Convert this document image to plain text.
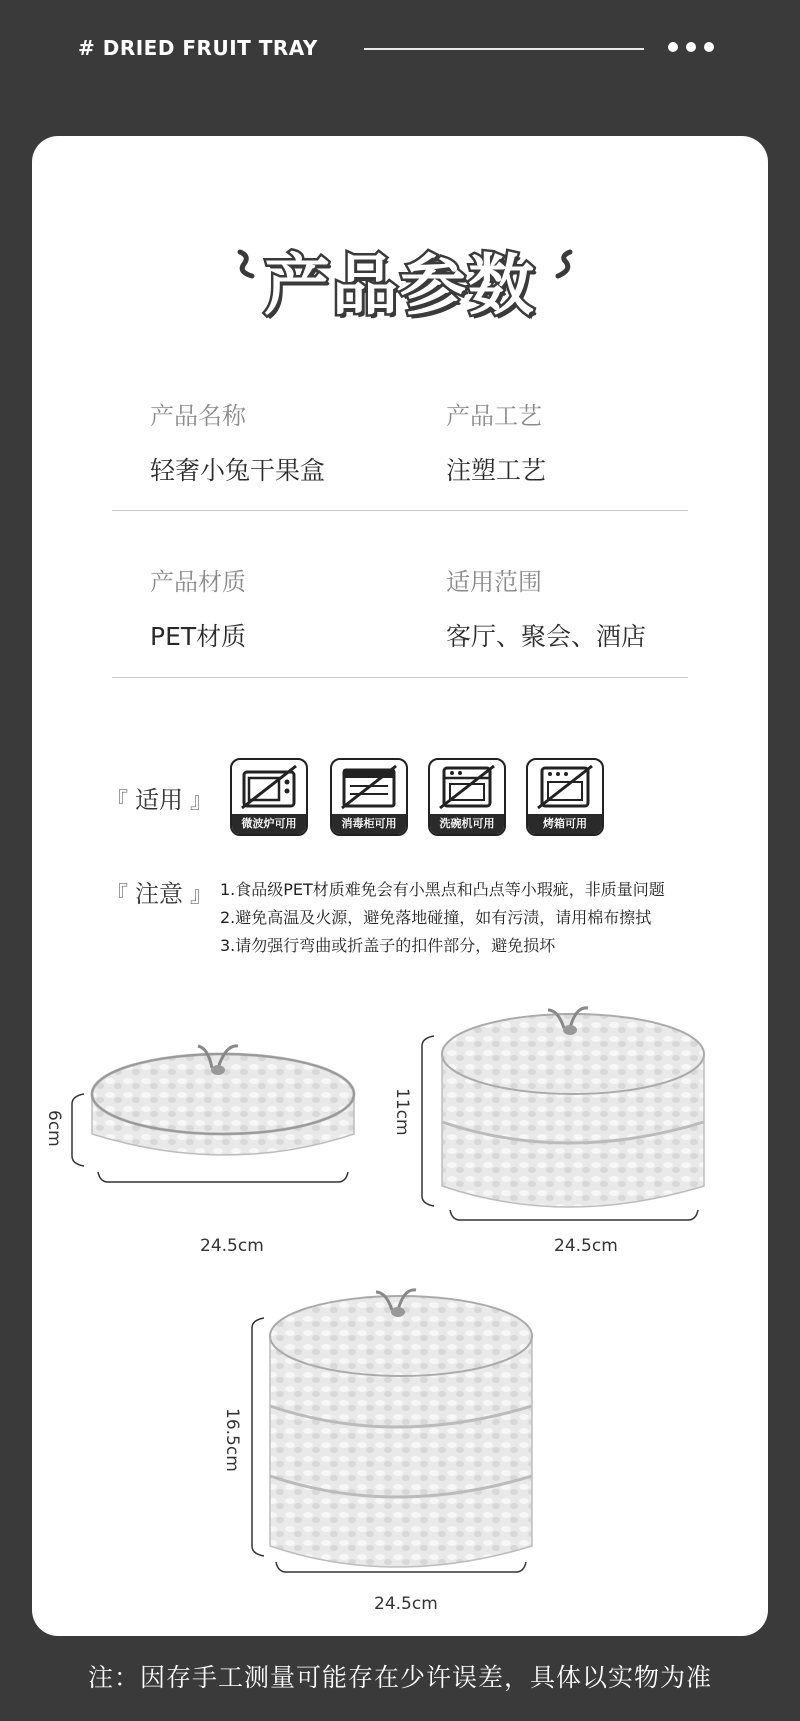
# DRIED FRUIT TRAY
产品参数
产品名称
轻奢小兔干果盒
产品工艺
注塑工艺
产品材质
PET材质
适用范围
客厅、聚会、酒店
『 适用 』
微波炉可用	消毒柜可用	洗碗机可用	烤箱可用
『 注意 』 1.食品级PET材质难免会有小黑点和凸点等小瑕疵，非质量问题
2.避免高温及火源，避免落地碰撞，如有污渍，请用棉布擦拭
3.请勿强行弯曲或折盖子的扣件部分，避免损坏
6cm
24.5cm
11cm
24.5cm
16.5cm
24.5cm
注：因存手工测量可能存在少许误差，具体以实物为准
